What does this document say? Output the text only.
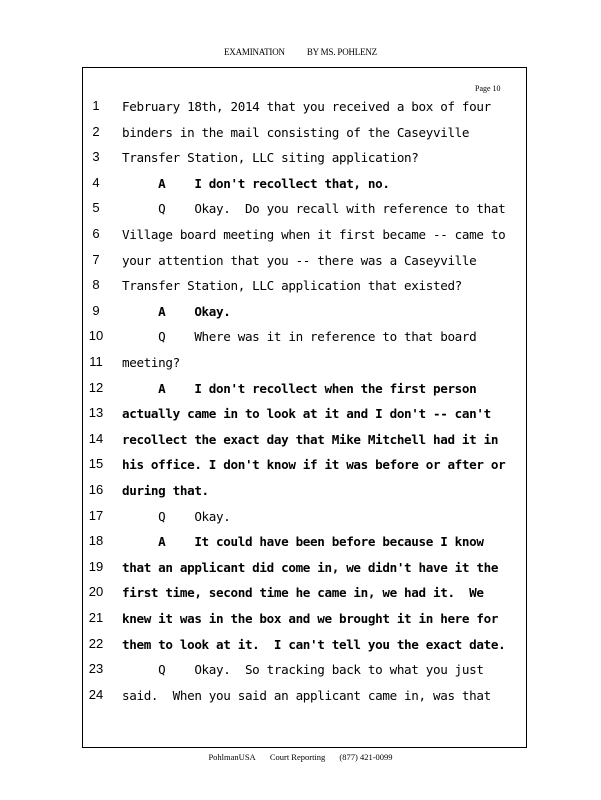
EXAMINATION BY MS. POHLENZ
Page 10
1	February 18th, 2014 that you received a box of four
2	binders in the mail consisting of the Caseyville
3	Transfer Station, LLC siting application?
4	A    I don't recollect that, no.
5	Q    Okay.  Do you recall with reference to that
6	Village board meeting when it first became -- came to
7	your attention that you -- there was a Caseyville
8	Transfer Station, LLC application that existed?
9	A    Okay.
10 Q    Where was it in reference to that board
11 meeting?
12 A    I don't recollect when the first person
13 actually came in to look at it and I don't -- can't
14 recollect the exact day that Mike Mitchell had it in
15 his office. I don't know if it was before or after or
16 during that.
17 Q    Okay.
18 A    It could have been before because I know
19 that an applicant did come in, we didn't have it the
20 first time, second time he came in, we had it.  We
21 knew it was in the box and we brought it in here for
22 them to look at it.  I can't tell you the exact date.
23 Q    Okay.  So tracking back to what you just
24 said.  When you said an applicant came in, was that
PohlmanUSA Court Reporting (877) 421-0099
